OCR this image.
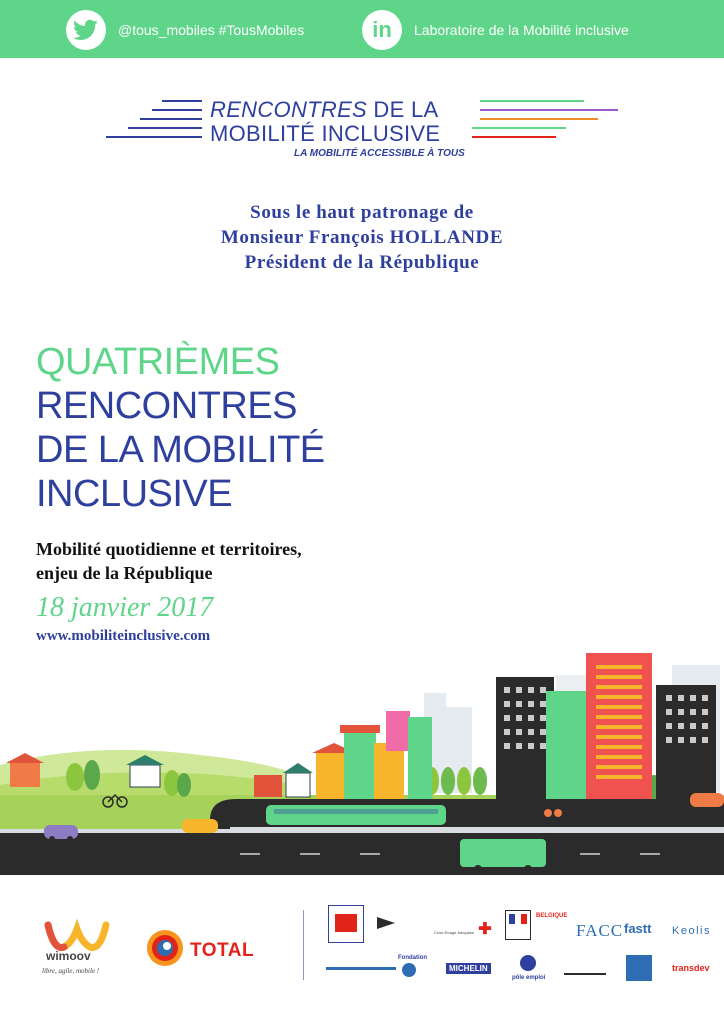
@tous_mobiles #TousMobiles	in Laboratoire de la Mobilité inclusive
RENCONTRES DE LA
MOBILITÉ INCLUSIVE
LA MOBILITÉ ACCESSIBLE À TOUS
Sous le haut patronage de
Monsieur François HOLLANDE
Président de la République
QUATRIÈMES
RENCONTRES
DE LA MOBILITÉ
INCLUSIVE
Mobilité quotidienne et territoires,
enjeu de la République
18 janvier 2017
www.mobiliteinclusive.com
wimoov
libre, agile, mobile !
TOTAL
Croix-Rouge française ✚
BELGIQUE
FACC fastt Keolis
Fondation
MICHELIN
pôle emploi
transdev
